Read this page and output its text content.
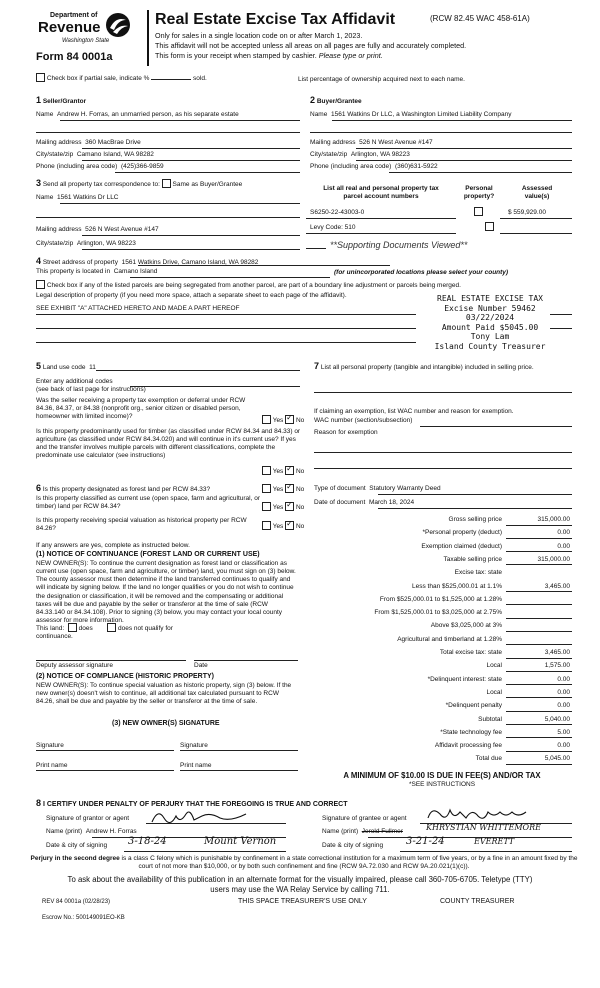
Department of
Revenue
Washington State
Form 84 0001a
Real Estate Excise Tax Affidavit	(RCW 82.45 WAC 458-61A)
Only for sales in a single location code on or after March 1, 2023.
This affidavit will not be accepted unless all areas on all pages are fully and accurately completed.
This form is your receipt when stamped by cashier. Please type or print.
Check box if partial sale, indicate %	sold.	List percentage of ownership acquired next to each name.
1 Seller/Grantor
Name Andrew H. Forras, an unmarried person, as his separate estate
Mailing address 360 MacBrae Drive
City/state/zip Camano Island, WA 98282
Phone (including area code) (425)366-9859
2 Buyer/Grantee
Name 1561 Watkins Dr LLC, a Washington Limited Liability Company
Mailing address 526 N West Avenue #147
City/state/zip Arlington, WA 98223
Phone (including area code) (360)631-5922
3 Send all property tax correspondence to: Same as Buyer/Grantee
Name 1561 Watkins Dr LLC
Mailing address 526 N West Avenue #147
City/state/zip Arlington, WA 98223
List all real and personal property tax
parcel account numbers
Personal
property?
Assessed
value(s)
S6250-22-43003-0
	$ 559,929.00
Levy Code: 510
**Supporting Documents Viewed**
4 Street address of property 1561 Watkins Drive, Camano Island, WA 98282
This property is located in Camano Island	(for unincorporated locations please select your county)
Check box if any of the listed parcels are being segregated from another parcel, are part of a boundary line adjustment or parcels being merged.
Legal description of property (if you need more space, attach a separate sheet to each page of the affidavit).
SEE EXHIBIT "A" ATTACHED HERETO AND MADE A PART HEREOF
REAL ESTATE EXCISE TAX
Excise Number 59462
03/22/2024
Amount Paid $5045.00
Tony Lam
Island County Treasurer
5 Land use code 11
Enter any additional codes
(see back of last page for instructions)
Was the seller receiving a property tax exemption or deferral under RCW 84.36, 84.37, or 84.38 (nonprofit org., senior citizen or disabled person, homeowner with limited income)?
Yes ✓ No
Is this property predominantly used for timber (as classified under RCW 84.34 and 84.33) or agriculture (as classified under RCW 84.34.020) and will continue in it's current use? If yes and the transfer involves multiple parcels with different classifications, complete the predominate use calculator (see instructions)
Yes ✓ No
7 List all personal property (tangible and intangible) included in selling price.
If claiming an exemption, list WAC number and reason for exemption.
WAC number (section/subsection)
Reason for exemption
6 Is this property designated as forest land per RCW 84.33?	Yes ✓ No
Is this property classified as current use (open space, farm and agricultural, or timber) land per RCW 84.34?	Yes ✓ No
Is this property receiving special valuation as historical property per RCW 84.26?	Yes ✓ No
If any answers are yes, complete as instructed below.
(1) NOTICE OF CONTINUANCE (FOREST LAND OR CURRENT USE)
NEW OWNER(S): To continue the current designation as forest land or classification as current use (open space, farm and agriculture, or timber) land, you must sign on (3) below. The county assessor must then determine if the land transferred continues to qualify and will indicate by signing below. If the land no longer qualifies or you do not wish to continue the designation or classification, it will be removed and the compensating or additional taxes will be due and payable by the seller or transferor at the time of sale (RCW 84.33.140 or 84.34.108). Prior to signing (3) below, you may contact your local county assessor for more information.
This land: does	does not qualify for
continuance.
Deputy assessor signature	Date
(2) NOTICE OF COMPLIANCE (HISTORIC PROPERTY)
NEW OWNER(S): To continue special valuation as historic property, sign (3) below. If the new owner(s) doesn't wish to continue, all additional tax calculated pursuant to RCW 84.26, shall be due and payable by the seller or transferor at the time of sale.
(3) NEW OWNER(S) SIGNATURE
Signature	Signature
Print name	Print name
Type of document Statutory Warranty Deed
Date of document March 18, 2024
Gross selling price	315,000.00
*Personal property (deduct)	0.00
Exemption claimed (deduct)	0.00
Taxable selling price	315,000.00
Excise tax: state
Less than $525,000.01 at 1.1%	3,465.00
From $525,000.01 to $1,525,000 at 1.28%
From $1,525,000.01 to $3,025,000 at 2.75%
Above $3,025,000 at 3%
Agricultural and timberland at 1.28%
Total excise tax: state	3,465.00
Local	1,575.00
*Delinquent interest: state	0.00
Local	0.00
*Delinquent penalty	0.00
Subtotal	5,040.00
*State technology fee	5.00
Affidavit processing fee	0.00
Total due	5,045.00
A MINIMUM OF $10.00 IS DUE IN FEE(S) AND/OR TAX
*SEE INSTRUCTIONS
8 I CERTIFY UNDER PENALTY OF PERJURY THAT THE FOREGOING IS TRUE AND CORRECT
Signature of grantor or agent
Name (print) Andrew H. Forras
Date & city of signing 3-18-24	Mount Vernon
Signature of grantee or agent
Name (print) Jerold Fullmer	KHRYSTIAN WHITTEMORE
Date & city of signing 3-21-24	EVERETT
Perjury in the second degree is a class C felony which is punishable by confinement in a state correctional institution for a maximum term of five years, or by a fine in an amount fixed by the court of not more than $10,000, or by both such confinement and fine (RCW 9A.72.030 and RCW 9A.20.021(1)(c)).
To ask about the availability of this publication in an alternate format for the visually impaired, please call 360-705-6705. Teletype (TTY) users may use the WA Relay Service by calling 711.
REV 84 0001a (02/28/23)	THIS SPACE TREASURER'S USE ONLY	COUNTY TREASURER
Escrow No.: 500149091EO-KB
